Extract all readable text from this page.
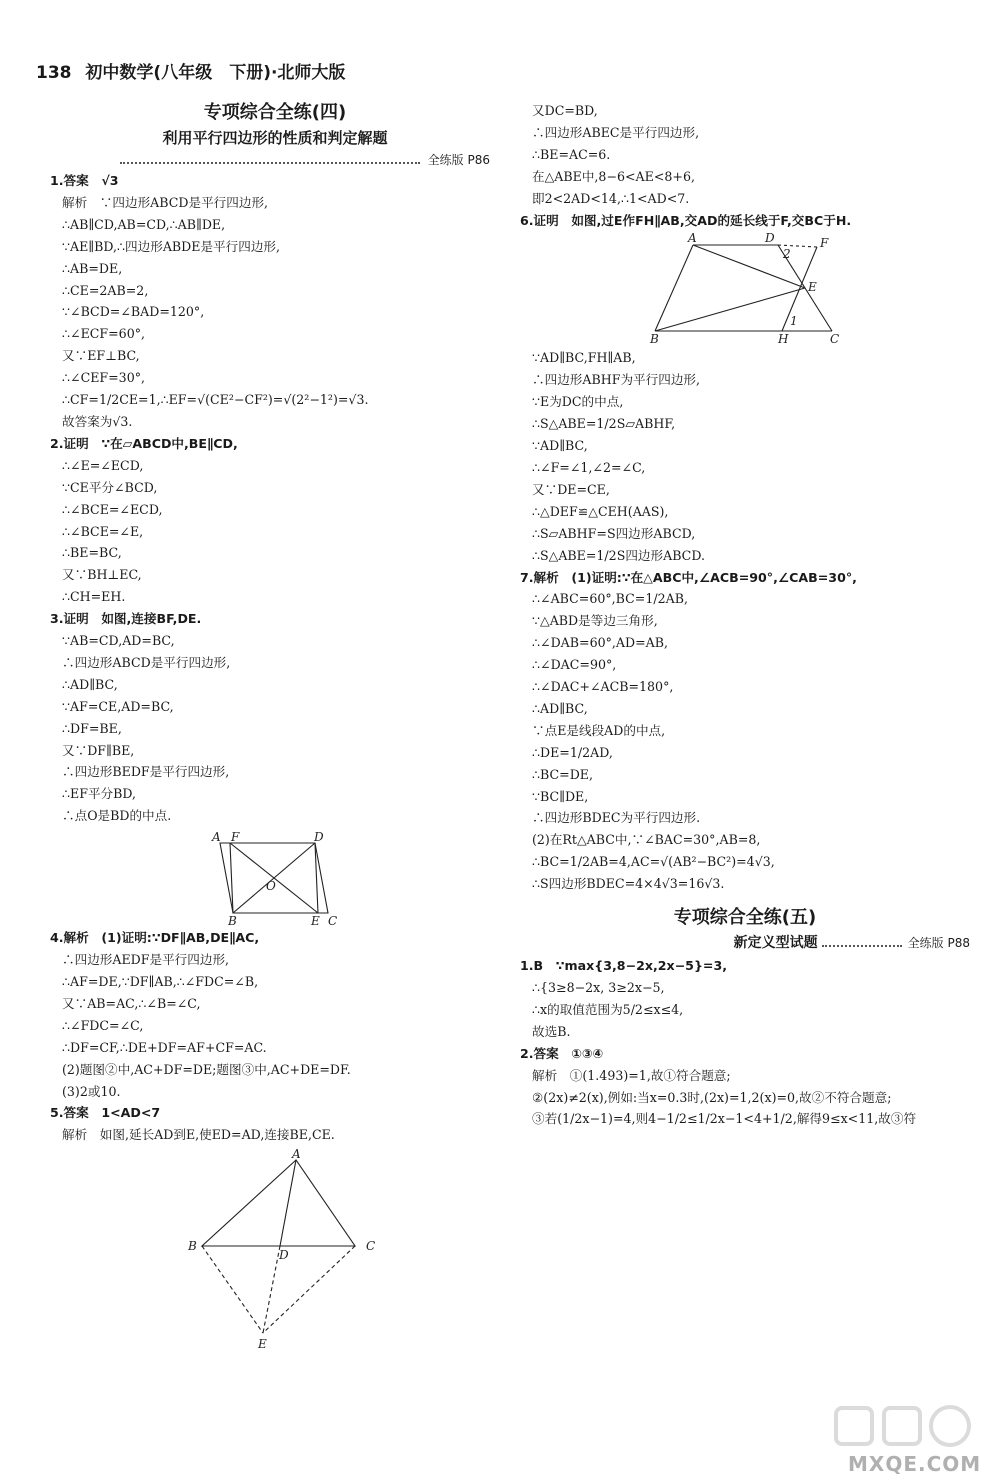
138 初中数学(八年级　下册)·北师大版
专项综合全练(四)
利用平行四边形的性质和判定解题
全练版 P86
1.答案　√3
解析　∵四边形ABCD是平行四边形,
∴AB∥CD,AB=CD,∴AB∥DE,
∵AE∥BD,∴四边形ABDE是平行四边形,
∴AB=DE,
∴CE=2AB=2,
∵∠BCD=∠BAD=120°,
∴∠ECF=60°,
又∵EF⊥BC,
∴∠CEF=30°,
∴CF=1/2CE=1,∴EF=√(CE²−CF²)=√(2²−1²)=√3.
故答案为√3.
2.证明　∵在▱ABCD中,BE∥CD,
∴∠E=∠ECD,
∵CE平分∠BCD,
∴∠BCE=∠ECD,
∴∠BCE=∠E,
∴BE=BC,
又∵BH⊥EC,
∴CH=EH.
3.证明　如图,连接BF,DE.
∵AB=CD,AD=BC,
∴四边形ABCD是平行四边形,
∴AD∥BC,
∵AF=CE,AD=BC,
∴DF=BE,
又∵DF∥BE,
∴四边形BEDF是平行四边形,
∴EF平分BD,
∴点O是BD的中点.
A F	D
O
B	E C
4.解析　(1)证明:∵DF∥AB,DE∥AC,
∴四边形AEDF是平行四边形,
∴AF=DE,∵DF∥AB,∴∠FDC=∠B,
又∵AB=AC,∴∠B=∠C,
∴∠FDC=∠C,
∴DF=CF,∴DE+DF=AF+CF=AC.
(2)题图②中,AC+DF=DE;题图③中,AC+DE=DF.
(3)2或10.
5.答案　1<AD<7
解析　如图,延长AD到E,使ED=AD,连接BE,CE.
A
B
D
C
E
又DC=BD,
∴四边形ABEC是平行四边形,
∴BE=AC=6.
在△ABE中,8−6<AE<8+6,
即2<2AD<14,∴1<AD<7.
6.证明　如图,过E作FH∥AB,交AD的延长线于F,交BC于H.
A	D	F
2
E
1
B	H	C
∵AD∥BC,FH∥AB,
∴四边形ABHF为平行四边形,
∵E为DC的中点,
∴S△ABE=1/2S▱ABHF,
∵AD∥BC,
∴∠F=∠1,∠2=∠C,
又∵DE=CE,
∴△DEF≌△CEH(AAS),
∴S▱ABHF=S四边形ABCD,
∴S△ABE=1/2S四边形ABCD.
7.解析　(1)证明:∵在△ABC中,∠ACB=90°,∠CAB=30°,
∴∠ABC=60°,BC=1/2AB,
∵△ABD是等边三角形,
∴∠DAB=60°,AD=AB,
∴∠DAC=90°,
∴∠DAC+∠ACB=180°,
∴AD∥BC,
∵点E是线段AD的中点,
∴DE=1/2AD,
∴BC=DE,
∵BC∥DE,
∴四边形BDEC为平行四边形.
(2)在Rt△ABC中,∵∠BAC=30°,AB=8,
∴BC=1/2AB=4,AC=√(AB²−BC²)=4√3,
∴S四边形BDEC=4×4√3=16√3.
专项综合全练(五)
新定义型试题	全练版 P88
1.B　∵max{3,8−2x,2x−5}=3,
∴{3≥8−2x, 3≥2x−5,
∴x的取值范围为5/2≤x≤4,
故选B.
2.答案　①③④
解析　①(1.493)=1,故①符合题意;
②(2x)≠2(x),例如:当x=0.3时,(2x)=1,2(x)=0,故②不符合题意;
③若(1/2x−1)=4,则4−1/2≤1/2x−1<4+1/2,解得9≤x<11,故③符
MXQE.COM
